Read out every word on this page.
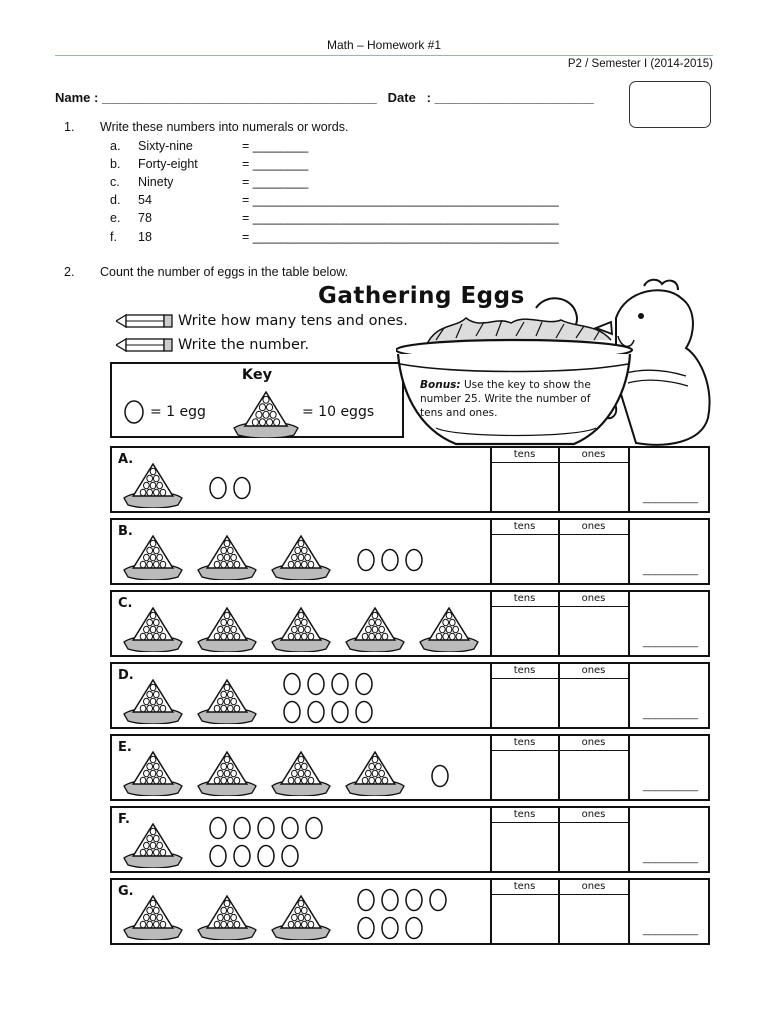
Math – Homework #1
P2 / Semester I (2014-2015)
Name : ______________________________________ Date   : ______________________
1. Write these numbers into numerals or words.
a. Sixty-nine	= ________
b. Forty-eight	= ________
c. Ninety	= ________
d. 54	= ____________________________________________
e. 78	= ____________________________________________
f. 18	= ____________________________________________
2. Count the number of eggs in the table below.
Gathering Eggs
Write how many tens and ones.
Write the number.
Key
= 1 egg	= 10 eggs
Bonus: Use the key to show the number 25. Write the number of tens and ones.
A.	tens	ones
_________
B.	tens	ones
_________
C.	tens	ones
_________
D.	tens	ones
_________
E.	tens	ones
_________
F.	tens	ones
_________
G.	tens	ones
_________
